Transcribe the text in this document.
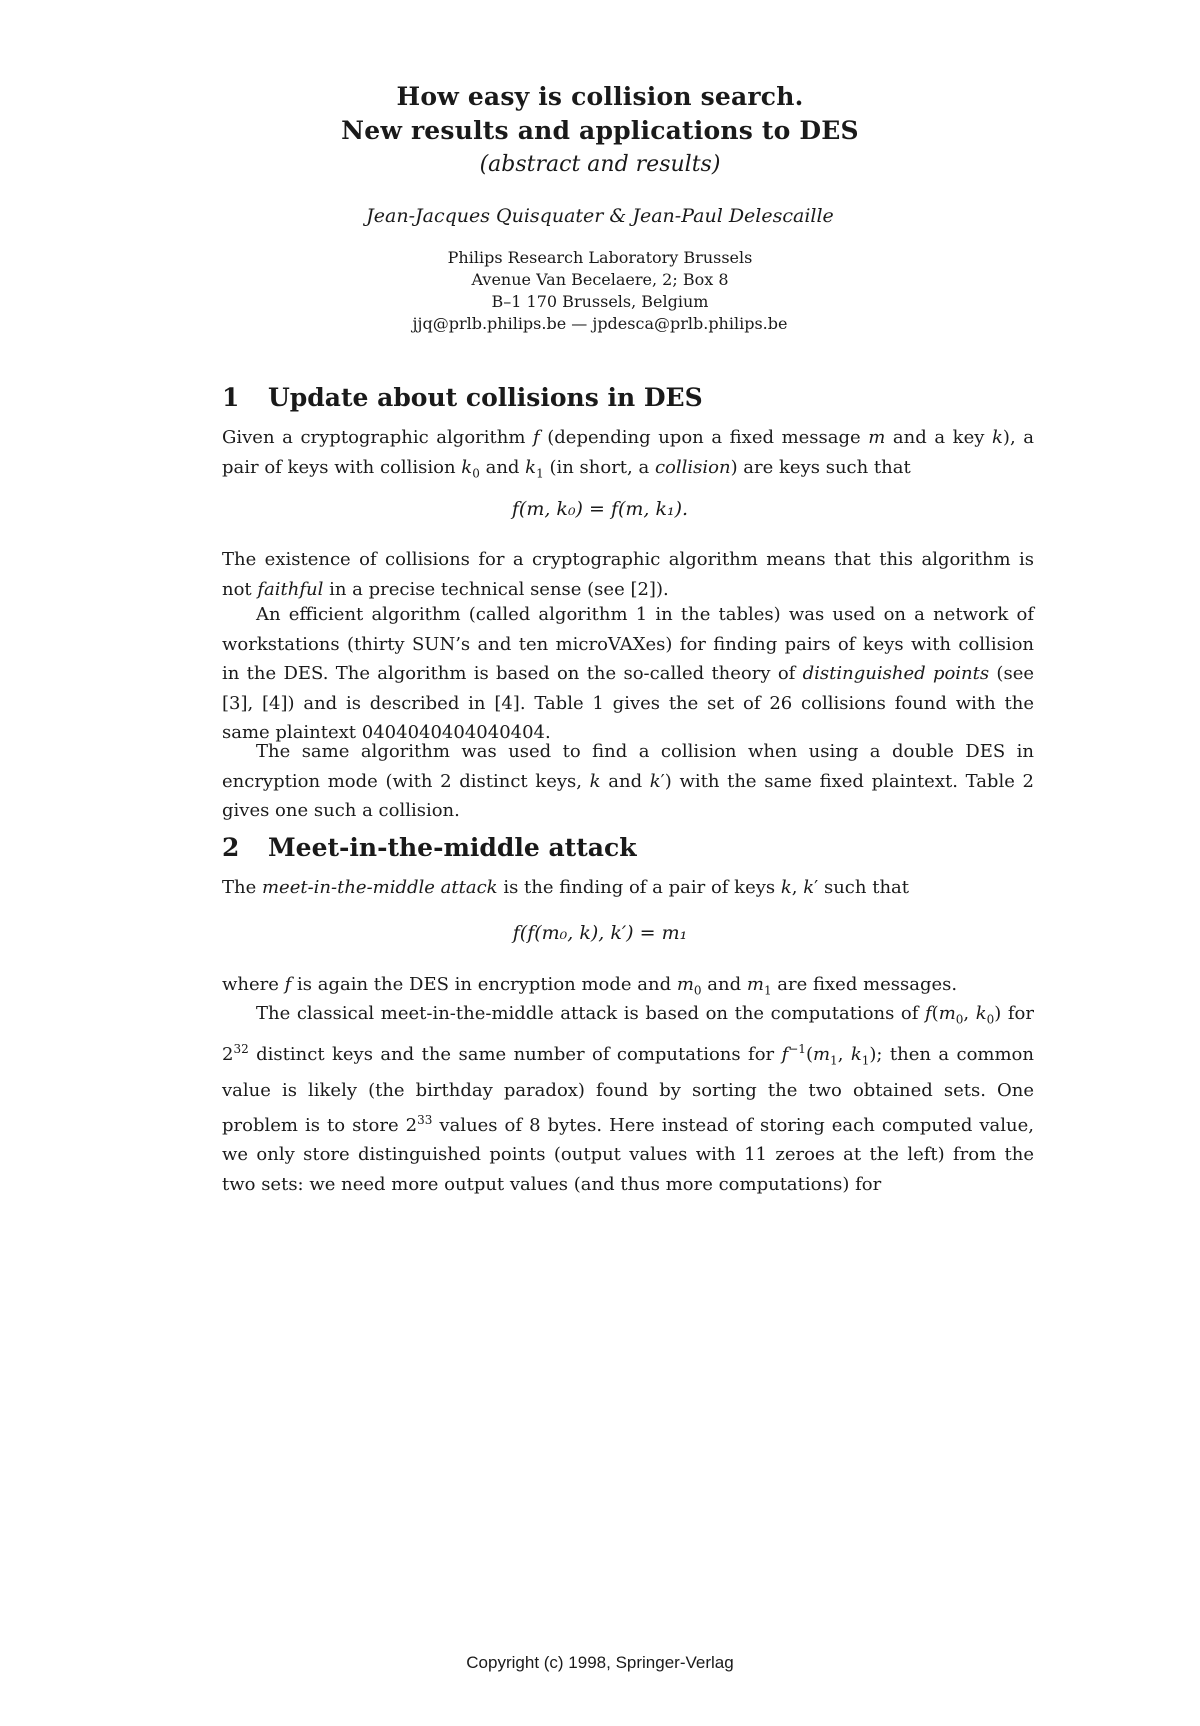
How easy is collision search.
New results and applications to DES
(abstract and results)
Jean-Jacques Quisquater & Jean-Paul Delescaille
Philips Research Laboratory Brussels
Avenue Van Becelaere, 2; Box 8
B–1 170 Brussels, Belgium
jjq@prlb.philips.be — jpdesca@prlb.philips.be
1 Update about collisions in DES
Given a cryptographic algorithm f (depending upon a fixed message m and a key k), a pair of keys with collision $k_0$ and $k_1$ (in short, a collision) are keys such that
f(m, k₀) = f(m, k₁).
The existence of collisions for a cryptographic algorithm means that this algorithm is not faithful in a precise technical sense (see [2]).
An efficient algorithm (called algorithm 1 in the tables) was used on a network of workstations (thirty SUN’s and ten microVAXes) for finding pairs of keys with collision in the DES. The algorithm is based on the so-called theory of distinguished points (see [3], [4]) and is described in [4]. Table 1 gives the set of 26 collisions found with the same plaintext 0404040404040404.
The same algorithm was used to find a collision when using a double DES in encryption mode (with 2 distinct keys, k and k′) with the same fixed plaintext. Table 2 gives one such a collision.
2 Meet-in-the-middle attack
The meet-in-the-middle attack is the finding of a pair of keys k, k′ such that
f(f(m₀, k), k′) = m₁
where f is again the DES in encryption mode and $m_0$ and $m_1$ are fixed messages.
The classical meet-in-the-middle attack is based on the computations of $f(m_0$, $k_0$) for $2^{32}$ distinct keys and the same number of computations for $f^{-1}(m_1$, $k_1$); then a common value is likely (the birthday paradox) found by sorting the two obtained sets. One problem is to store $2^{33}$ values of 8 bytes. Here instead of storing each computed value, we only store distinguished points (output values with 11 zeroes at the left) from the two sets: we need more output values (and thus more computations) for
Copyright (c) 1998, Springer-Verlag
